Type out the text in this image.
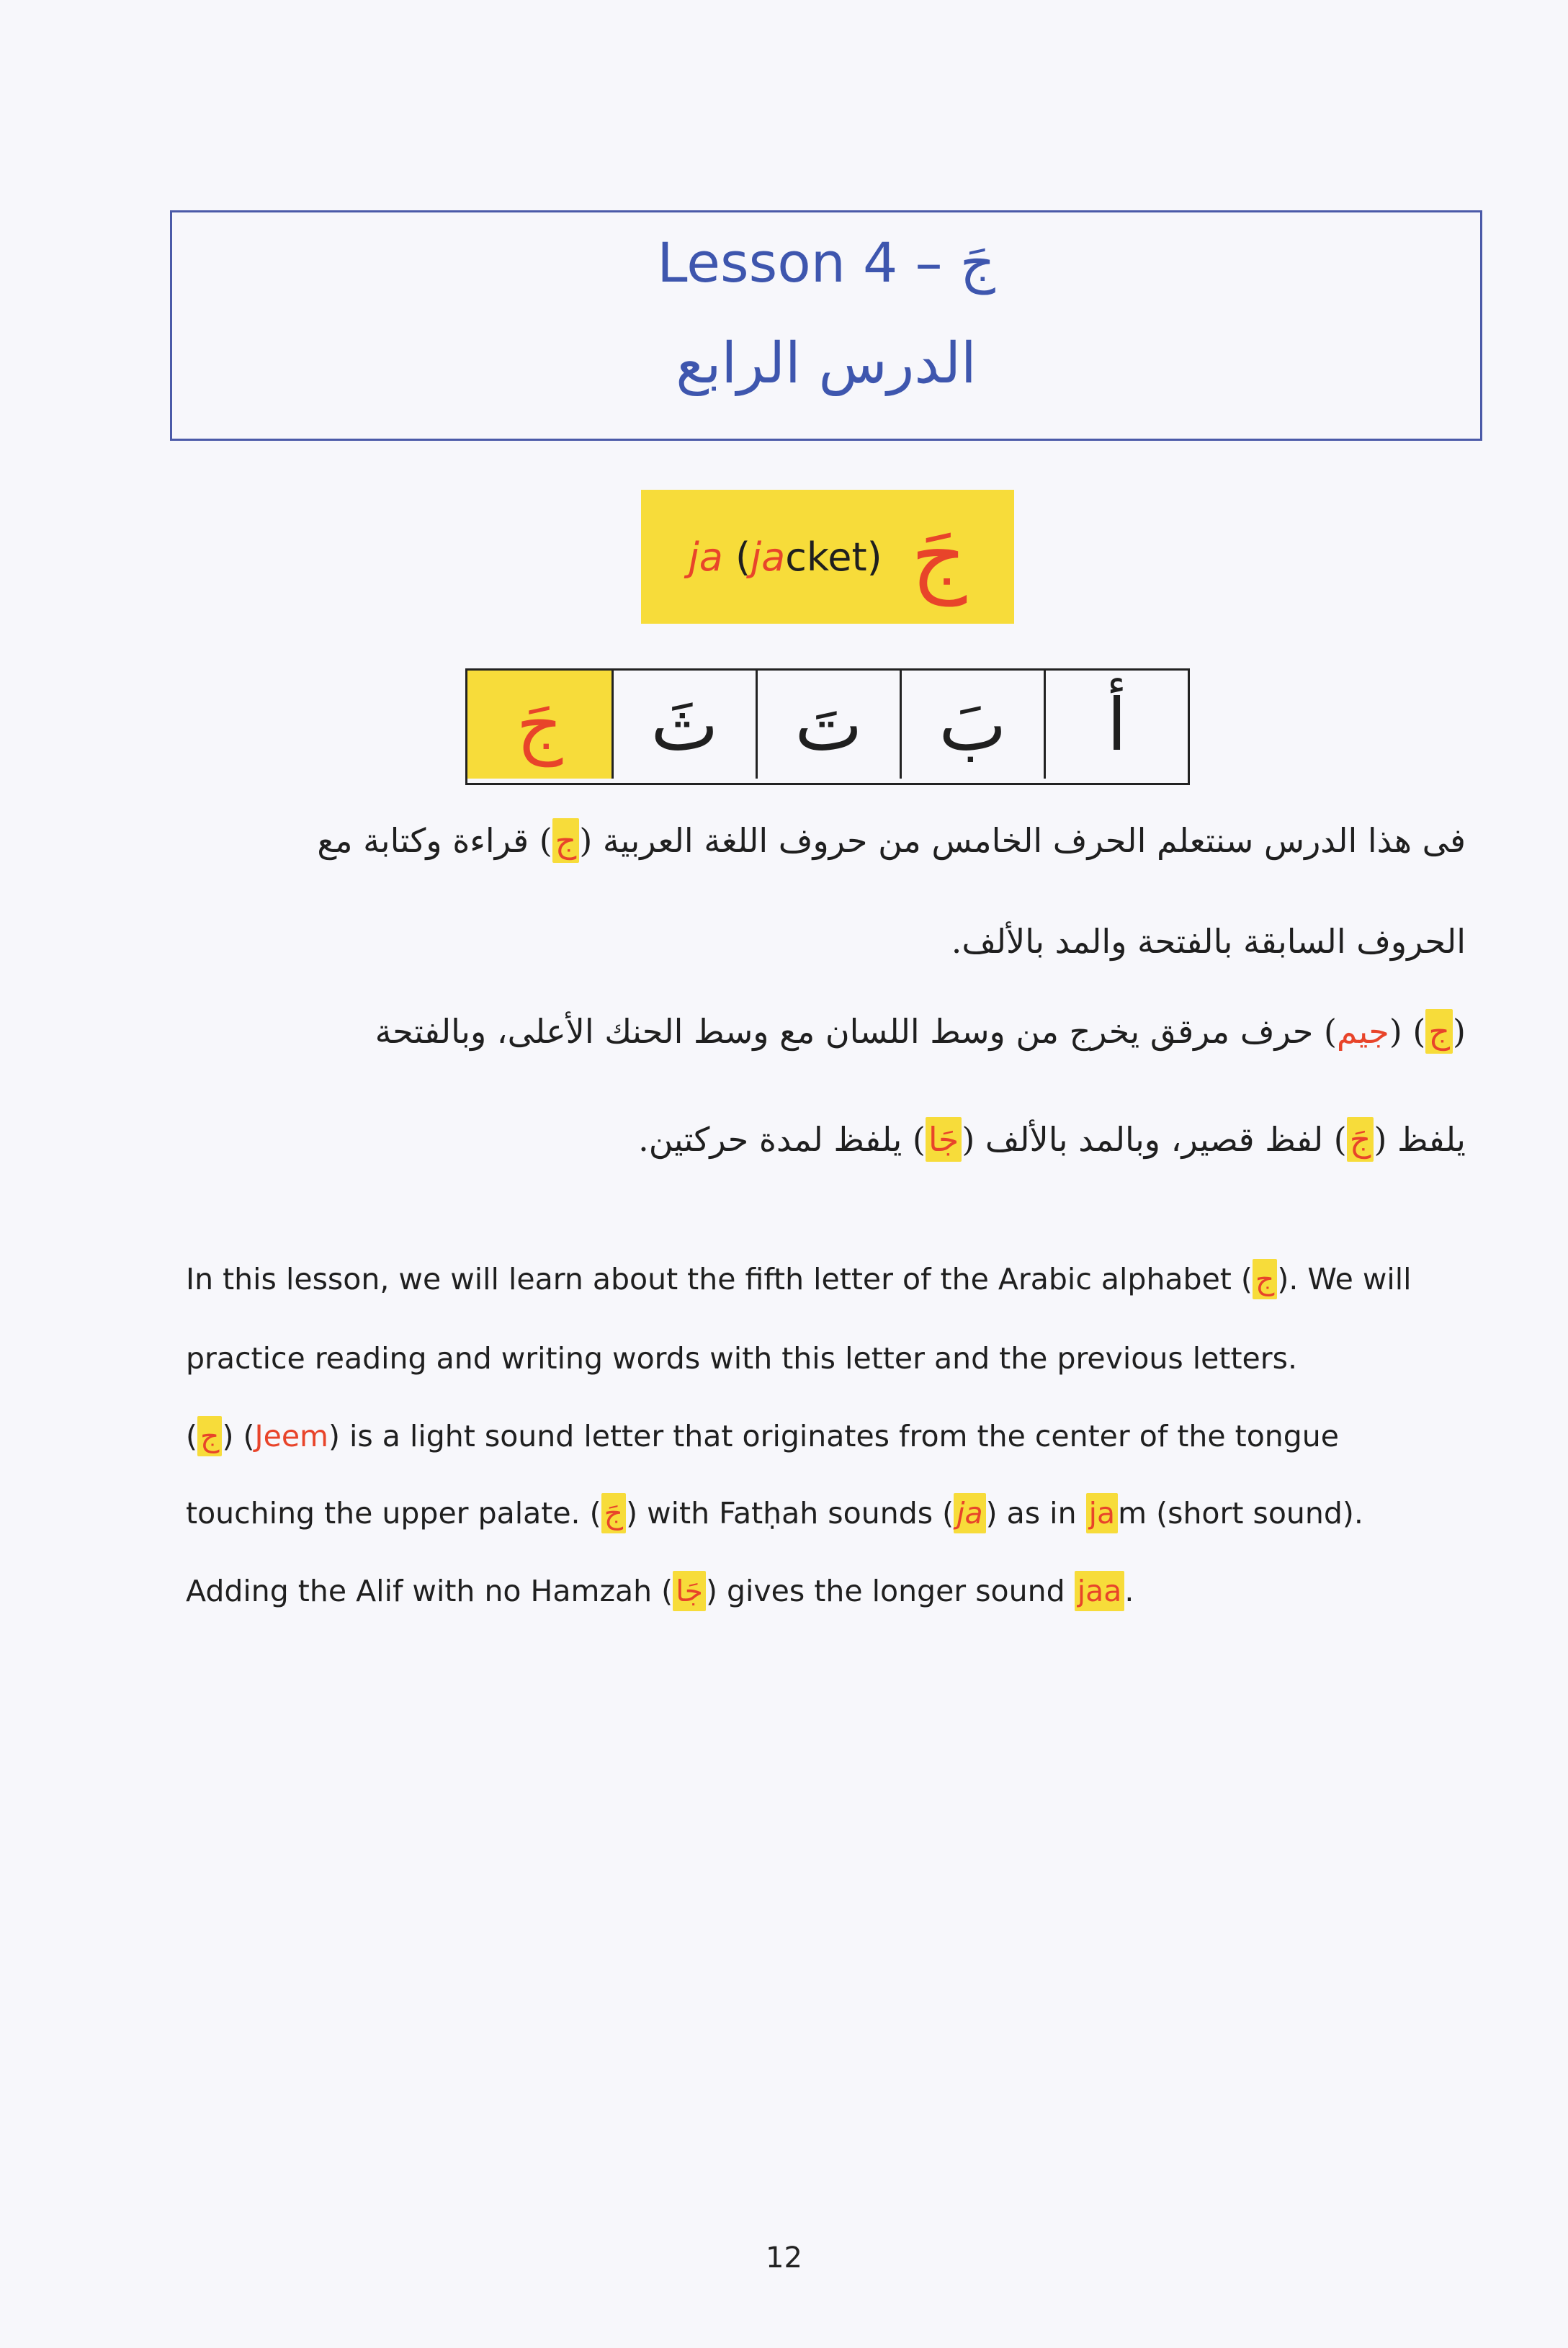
Lesson 4 – جَ
الدرس الرابع
ja (jacket) جَ
أ
بَ
تَ
ثَ
جَ
فى هذا الدرس سنتعلم الحرف الخامس من حروف اللغة العربية (ج) قراءة وكتابة مع
الحروف السابقة بالفتحة والمد بالألف.
(ج) (جيم) حرف مرقق يخرج من وسط اللسان مع وسط الحنك الأعلى، وبالفتحة
يلفظ (جَ) لفظ قصير، وبالمد بالألف (جَا) يلفظ لمدة حركتين.
In this lesson, we will learn about the fifth letter of the Arabic alphabet (ج). We will
practice reading and writing words with this letter and the previous letters.
(ج) (Jeem) is a light sound letter that originates from the center of the tongue
touching the upper palate. (جَ) with Fatḥah sounds (ja) as in jam (short sound).
Adding the Alif with no Hamzah (جَا) gives the longer sound jaa.
12
